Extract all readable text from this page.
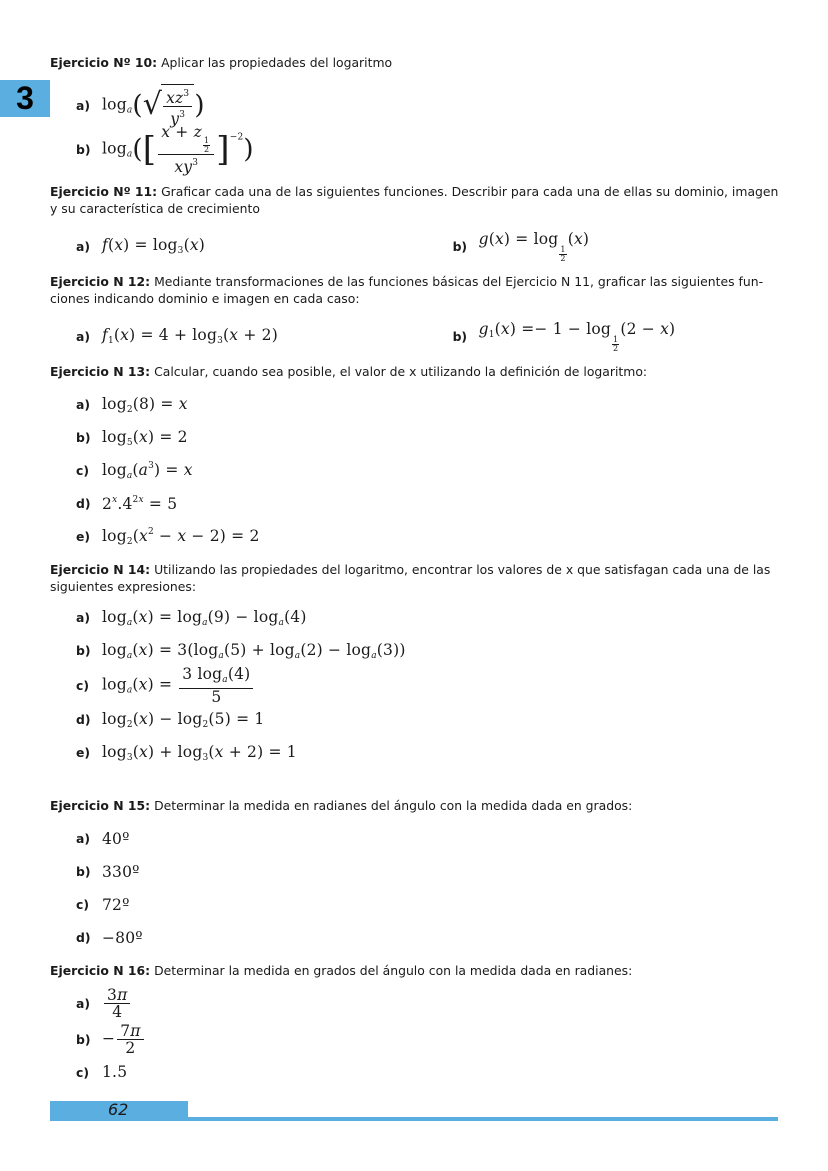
3

Ejercicio Nº 10: Aplicar las propiedades del logaritmo

a) $\log_a$( √ $\frac{xz^3}{y^3}$ )
b) $\log_a$([ x + z
$\frac{1}{2}$
$xy^3$ ]$^{-2}$)

Ejercicio Nº 11: Graficar cada una de las siguientes funciones. Describir para cada una de ellas su dominio, imagen y su característica de crecimiento

a) $f(x) = \log_3(x)$	b) g(x) = log
$\frac{1}{2}$
(x)

Ejercicio N 12: Mediante transformaciones de las funciones básicas del Ejercicio N 11, graficar las siguientes fun-ciones indicando dominio e imagen en cada caso:

a) $f_1(x) = 4 + \log_3(x + 2)$	b) $g_1(x) =- 1 - \log$
$\frac{1}{2}$
(2 − x)

Ejercicio N 13: Calcular, cuando sea posible, el valor de x utilizando la definición de logaritmo:

a) $\log_2(8) = x$
b) $\log_5(x) = 2$
c) $\log_a(a^3) = x$
d) $2^x.4^{2x} = 5$
e) $\log_2(x^2 - x - 2) = 2$

Ejercicio N 14: Utilizando las propiedades del logaritmo, encontrar los valores de x que satisfagan cada una de las siguientes expresiones:

a) $\log_a(x) = \log_a(9) - \log_a(4)$
b) $\log_a(x) = 3(\log_a(5) + \log_a(2) - \log_a(3))$
c) $\log_a(x) = \frac{3 \log_a(4)}{5}$
d) $\log_2(x) - \log_2(5) = 1$
e) $\log_3(x) + \log_3(x + 2) = 1$

Ejercicio N 15: Determinar la medida en radianes del ángulo con la medida dada en grados:

a) 40º
b) 330º
c) 72º
d) −80º

Ejercicio N 16: Determinar la medida en grados del ángulo con la medida dada en radianes:

$a) \frac{3\pi}{4}$
$b) - \frac{7\pi}{2}$
c) 1.5
62
